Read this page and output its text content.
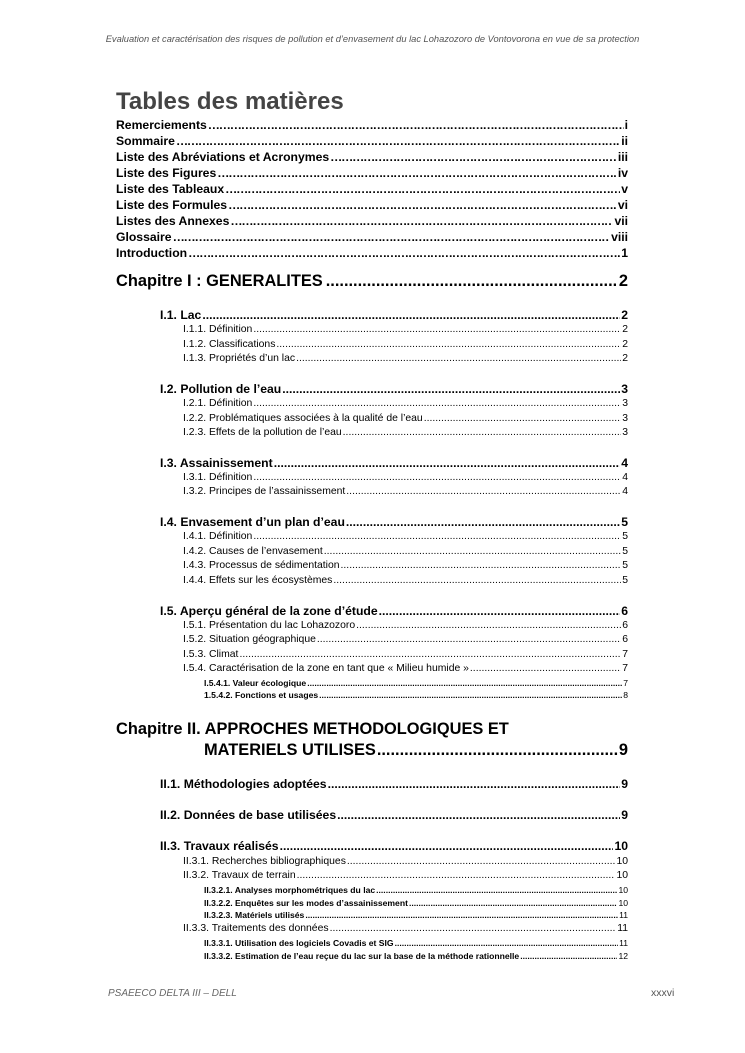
Evaluation et caractérisation des risques de pollution et d’envasement du lac Lohazozoro de Vontovorona en vue de sa protection
Tables des matières
Remerciements ……………………………………………………………………………………………………………………………………………………………………………………	i
Sommaire ……………………………………………………………………………………………………………………………………………………………………………………	ii
Liste des Abréviations et Acronymes ……………………………………………………………………………………………………………………………………………………………………………………	iii
Liste des Figures ……………………………………………………………………………………………………………………………………………………………………………………	iv
Liste des Tableaux ……………………………………………………………………………………………………………………………………………………………………………………	v
Liste des Formules ……………………………………………………………………………………………………………………………………………………………………………………	vi
Listes des Annexes ……………………………………………………………………………………………………………………………………………………………………………………	vii
Glossaire ……………………………………………………………………………………………………………………………………………………………………………………	viii
Introduction ……………………………………………………………………………………………………………………………………………………………………………………	1
Chapitre I : GENERALITES .....	2
I.1. Lac .....	2
I.1.1. Définition .....	2
I.1.2. Classifications .....	2
I.1.3. Propriétés d’un lac .....	2
I.2. Pollution de l’eau .....	3
I.2.1. Définition .....	3
I.2.2. Problématiques associées à la qualité de l’eau .....	3
I.2.3. Effets de la pollution de l’eau .....	3
I.3. Assainissement .....	4
I.3.1. Définition .....	4
I.3.2. Principes de l’assainissement .....	4
I.4. Envasement d’un plan d’eau .....	5
I.4.1. Définition .....	5
I.4.2. Causes de l’envasement .....	5
I.4.3. Processus de sédimentation .....	5
I.4.4. Effets sur les écosystèmes .....	5
I.5. Aperçu général de la zone d’étude .....	6
I.5.1. Présentation du lac Lohazozoro .....	6
I.5.2. Situation géographique .....	6
I.5.3. Climat .....	7
I.5.4. Caractérisation de la zone en tant que « Milieu humide » .....	7
I.5.4.1. Valeur écologique .....	7
1.5.4.2. Fonctions et usages .....	8
Chapitre II. APPROCHES METHODOLOGIQUES ET
MATERIELS UTILISES .....	9
II.1. Méthodologies adoptées .....	9
II.2. Données de base utilisées .....	9
II.3. Travaux réalisés .....	10
II.3.1. Recherches bibliographiques .....	10
II.3.2. Travaux de terrain .....	10
II.3.2.1. Analyses morphométriques du lac .....	10
II.3.2.2. Enquêtes sur les modes d’assainissement .....	10
II.3.2.3. Matériels utilisés .....	11
II.3.3. Traitements des données .....	11
II.3.3.1. Utilisation des logiciels Covadis et SIG .....	11
II.3.3.2. Estimation de l’eau reçue du lac sur la base de la méthode rationnelle .....	12
PSAEECO DELTA III – DELL	xxxvi
